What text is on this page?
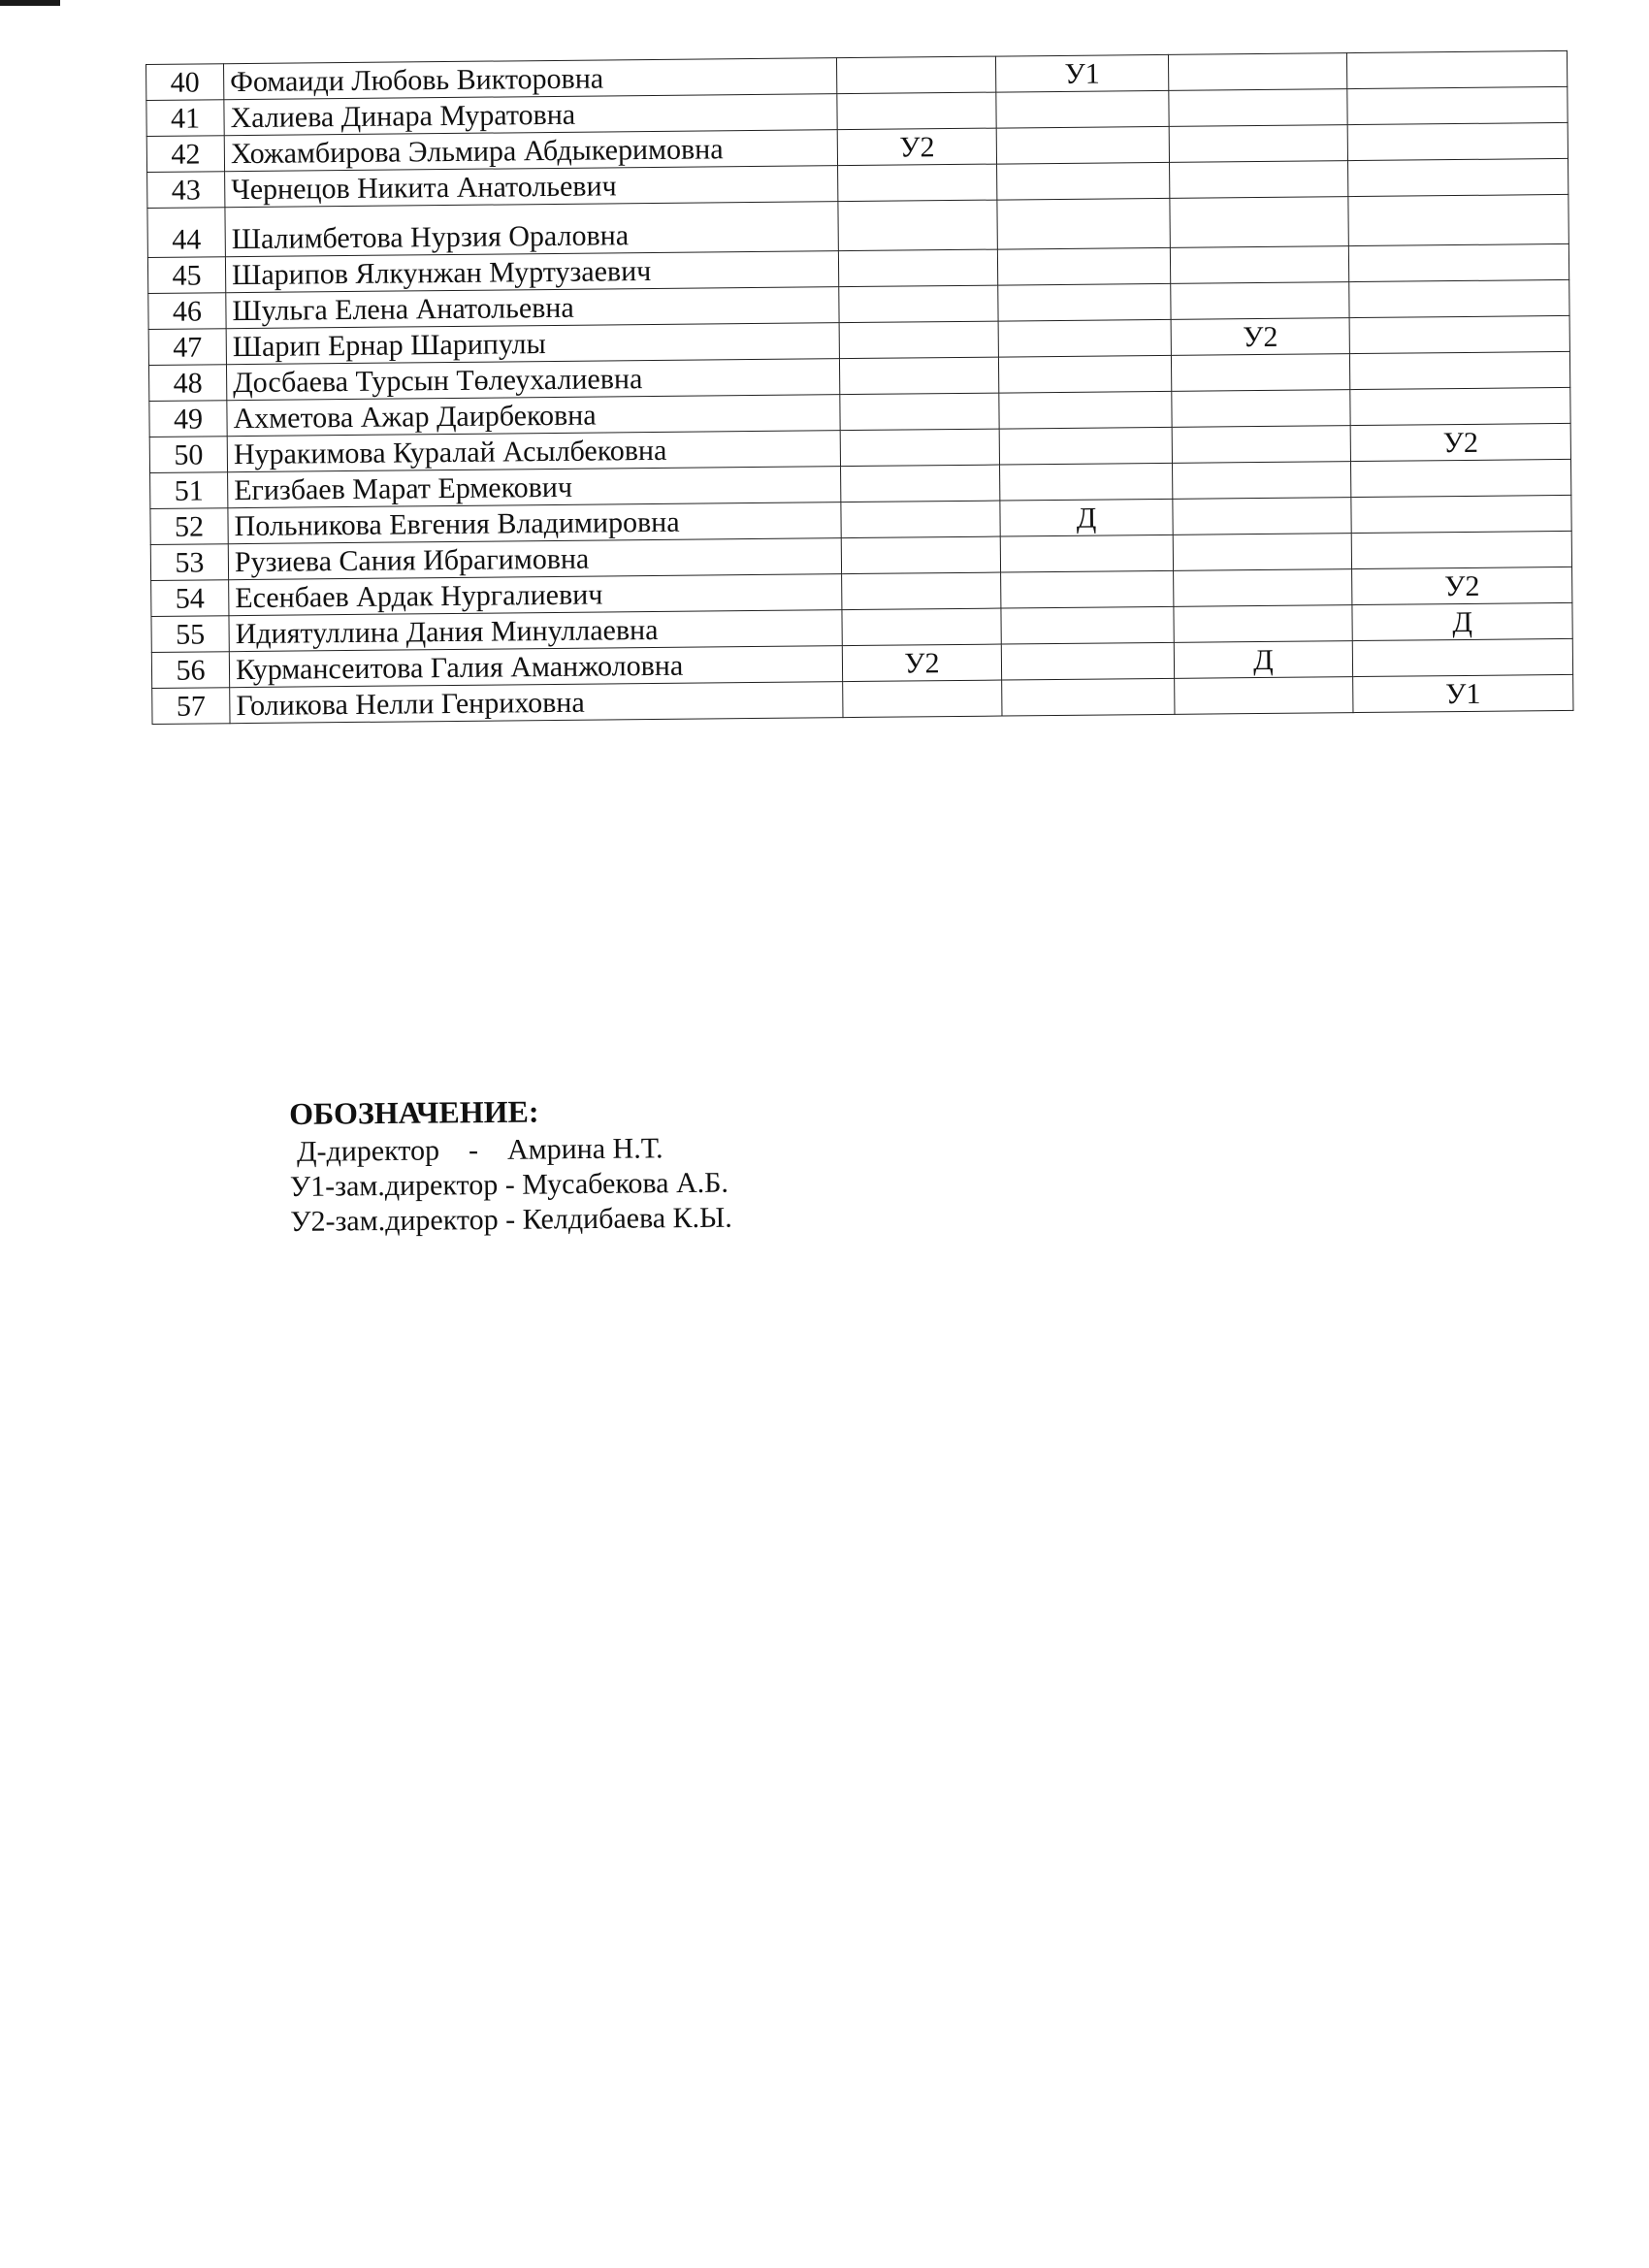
40	Фомаиди Любовь Викторовна		У1		
41	Халиева Динара Муратовна				
42	Хожамбирова Эльмира Абдыкеримовна	У2			
43	Чернецов Никита Анатольевич				
44	Шалимбетова Нурзия Ораловна				
45	Шарипов Ялкунжан Муртузаевич				
46	Шульга Елена Анатольевна				
47	Шарип Ернар Шарипулы			У2	
48	Досбаева Турсын Төлеухалиевна				
49	Ахметова Ажар Даирбековна				
50	Нуракимова Куралай Асылбековна				У2
51	Егизбаев Марат Ермекович				
52	Польникова Евгения Владимировна		Д		
53	Рузиева Сания Ибрагимовна				
54	Есенбаев Ардак Нургалиевич				У2
55	Идиятуллина Дания Минуллаевна				Д
56	Курмансеитова Галия Аманжоловна	У2		Д	
57	Голикова Нелли Генриховна				У1
ОБОЗНАЧЕНИЕ:
Д-директор    -    Амрина Н.Т.
У1-зам.директор - Мусабекова А.Б.
У2-зам.директор - Келдибаева К.Ы.
